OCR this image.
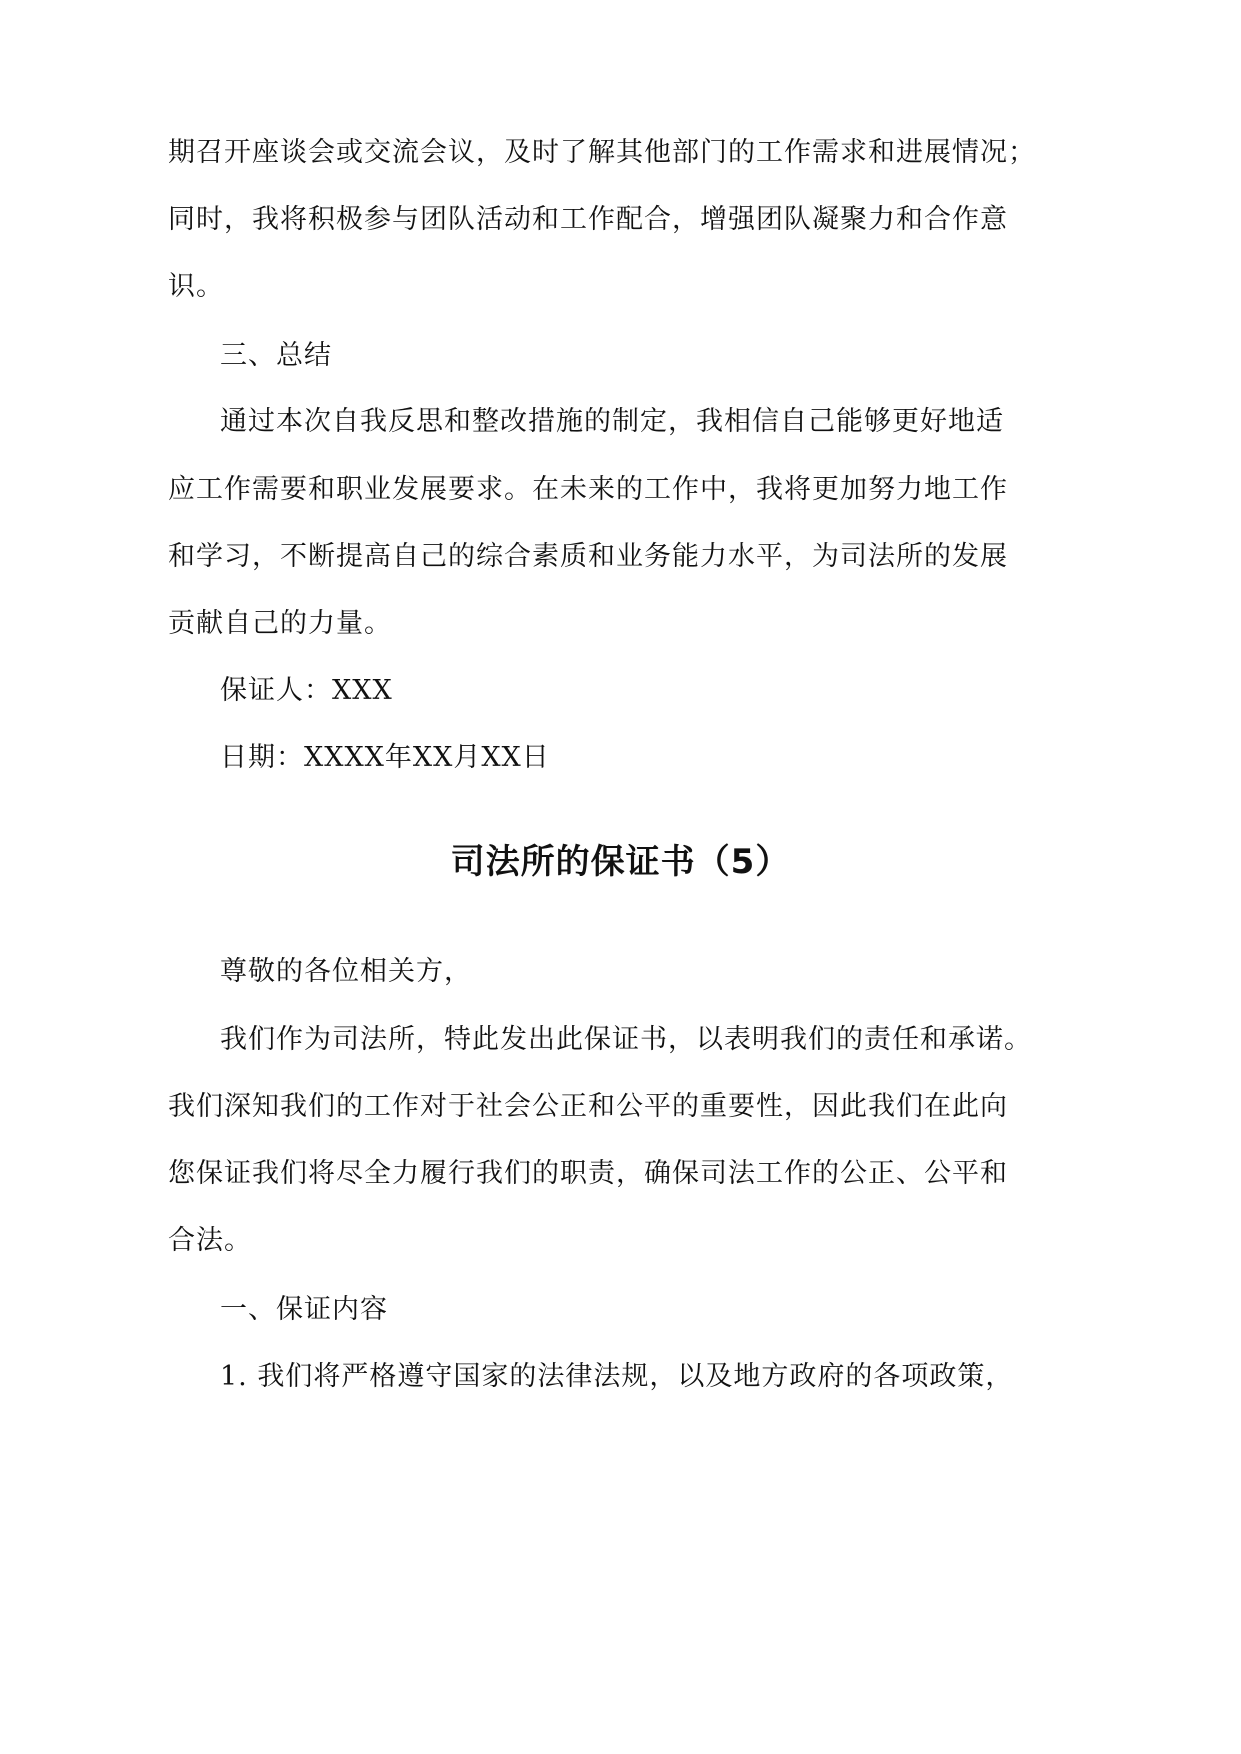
期召开座谈会或交流会议，及时了解其他部门的工作需求和进展情况；
同时，我将积极参与团队活动和工作配合，增强团队凝聚力和合作意
识。
三、总结
通过本次自我反思和整改措施的制定，我相信自己能够更好地适
应工作需要和职业发展要求。在未来的工作中，我将更加努力地工作
和学习，不断提高自己的综合素质和业务能力水平，为司法所的发展
贡献自己的力量。
保证人：XXX
日期：XXXX年XX月XX日
司法所的保证书（5）
尊敬的各位相关方，
我们作为司法所，特此发出此保证书，以表明我们的责任和承诺。
我们深知我们的工作对于社会公正和公平的重要性，因此我们在此向
您保证我们将尽全力履行我们的职责，确保司法工作的公正、公平和
合法。
一、保证内容
1. 我们将严格遵守国家的法律法规，以及地方政府的各项政策，
